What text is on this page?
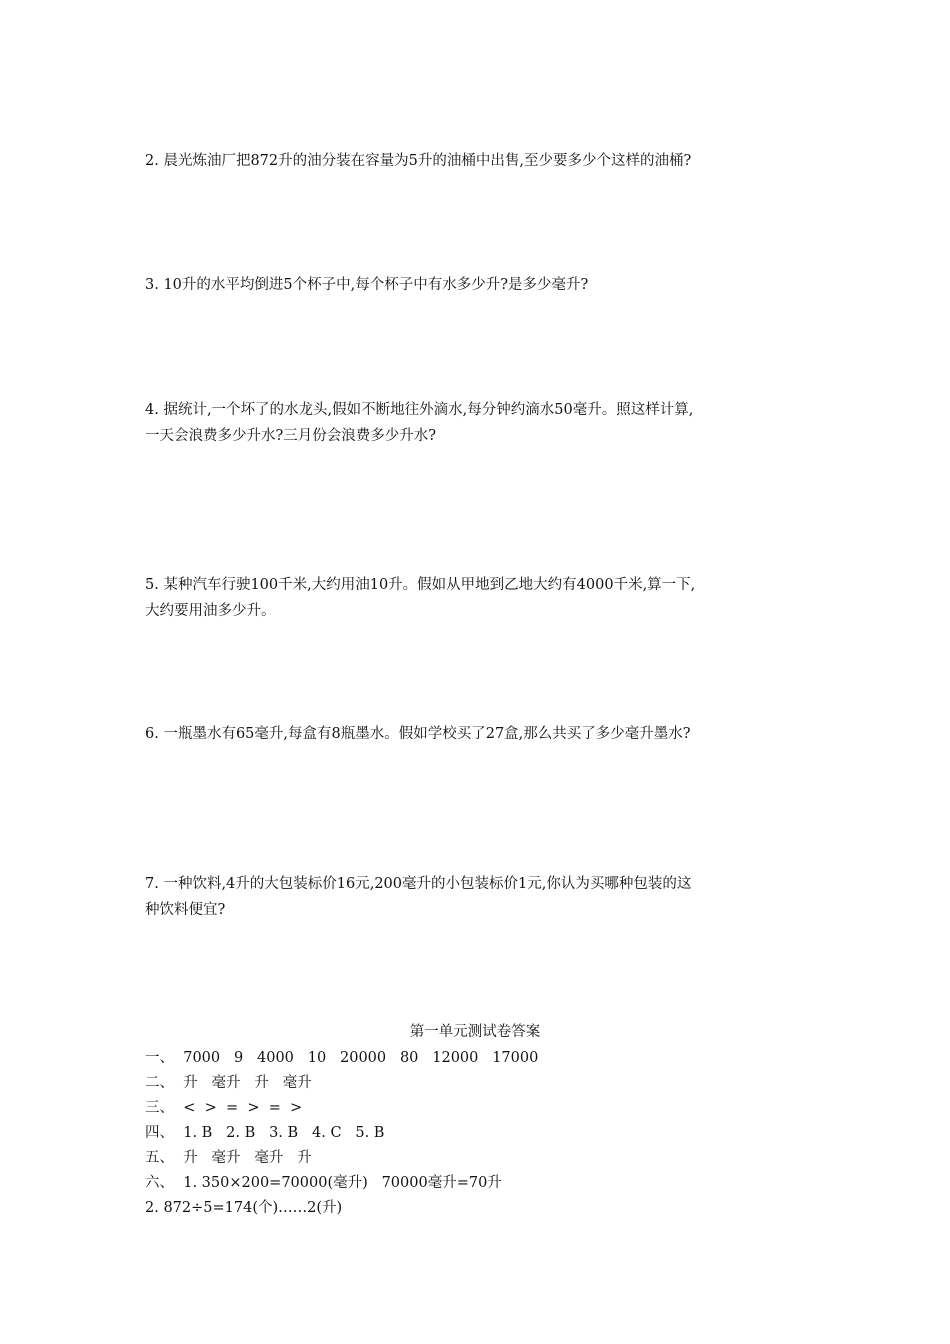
2. 晨光炼油厂把872升的油分装在容量为5升的油桶中出售,至少要多少个这样的油桶?
3. 10升的水平均倒进5个杯子中,每个杯子中有水多少升?是多少毫升?
4. 据统计,一个坏了的水龙头,假如不断地往外滴水,每分钟约滴水50毫升。照这样计算,
一天会浪费多少升水?三月份会浪费多少升水?
5. 某种汽车行驶100千米,大约用油10升。假如从甲地到乙地大约有4000千米,算一下,
大约要用油多少升。
6. 一瓶墨水有65毫升,每盒有8瓶墨水。假如学校买了27盒,那么共买了多少毫升墨水?
7. 一种饮料,4升的大包装标价16元,200毫升的小包装标价1元,你认为买哪种包装的这
种饮料便宜?
第一单元测试卷答案
一、  7000   9   4000   10   20000   80   12000   17000
二、  升   毫升   升   毫升
三、  <  >  =  >  =  >
四、  1. B   2. B   3. B   4. C   5. B
五、  升   毫升   毫升   升
六、  1. 350×200=70000(毫升)   70000毫升=70升
2. 872÷5=174(个)……2(升)
